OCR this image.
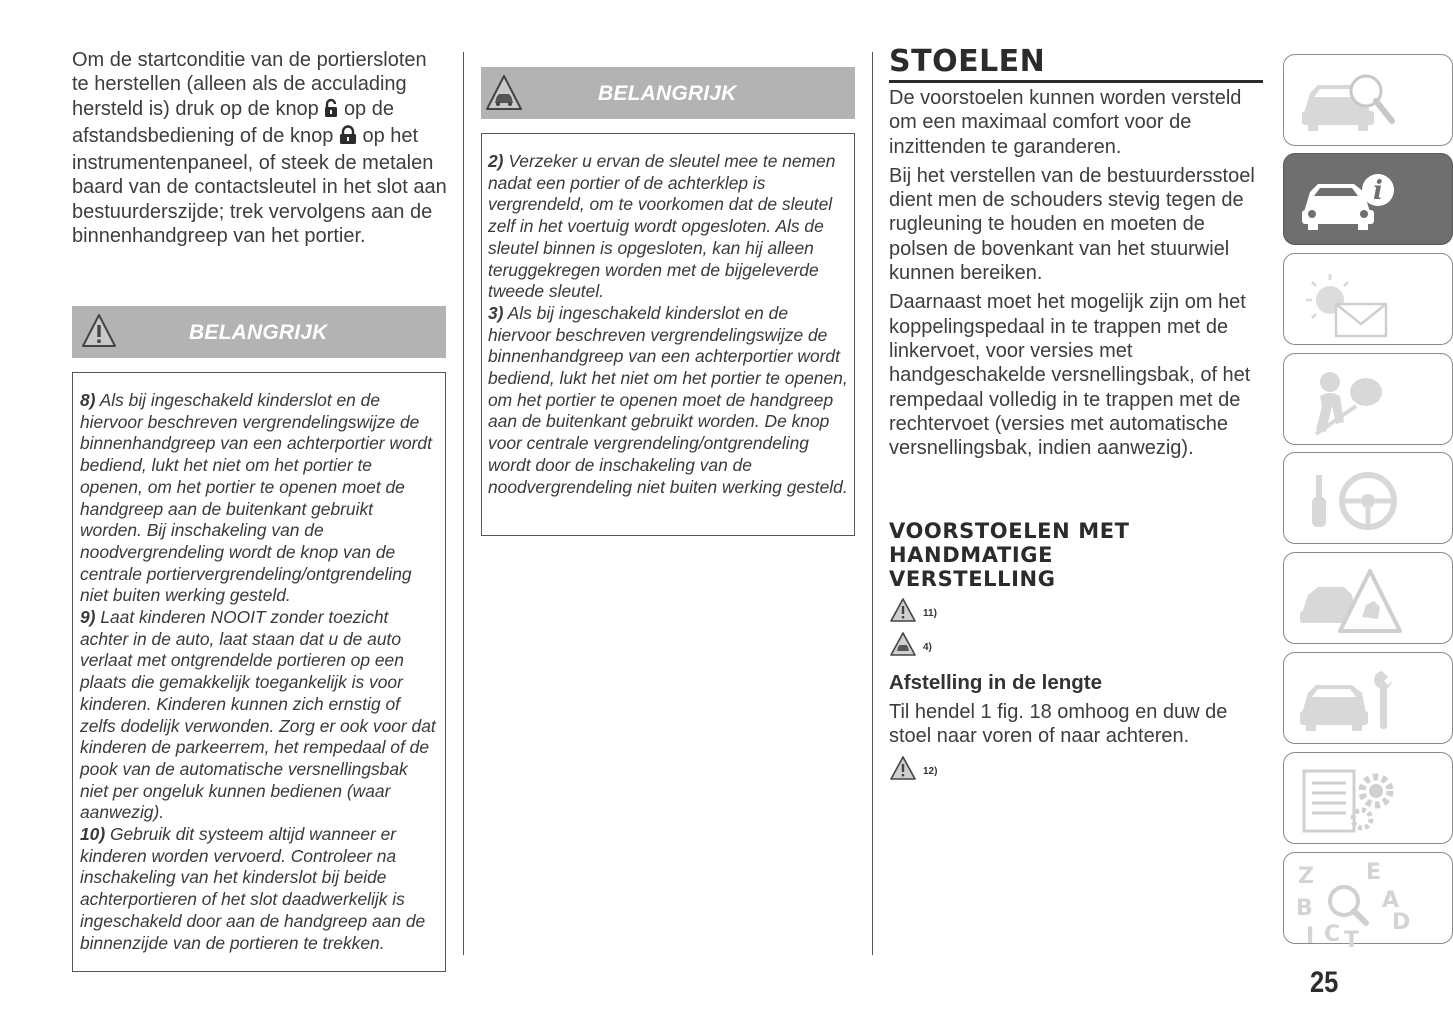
Om de startconditie van de portiersloten te herstellen (alleen als de acculading hersteld is) druk op de knop op de afstandsbediening of de knop op het instrumentenpaneel, of steek de metalen baard van de contactsleutel in het slot aan bestuurderszijde; trek vervolgens aan de binnenhandgreep van het portier.

BELANGRIJK

8) Als bij ingeschakeld kinderslot en de hiervoor beschreven vergrendelingswijze de binnenhandgreep van een achterportier wordt bediend, lukt het niet om het portier te openen, om het portier te openen moet de handgreep aan de buitenkant gebruikt worden. Bij inschakeling van de noodvergrendeling wordt de knop van de centrale portiervergrendeling/ontgrendeling niet buiten werking gesteld.

9) Laat kinderen NOOIT zonder toezicht achter in de auto, laat staan dat u de auto verlaat met ontgrendelde portieren op een plaats die gemakkelijk toegankelijk is voor kinderen. Kinderen kunnen zich ernstig of zelfs dodelijk verwonden. Zorg er ook voor dat kinderen de parkeerrem, het rempedaal of de pook van de automatische versnellingsbak niet per ongeluk kunnen bedienen (waar aanwezig).

10) Gebruik dit systeem altijd wanneer er kinderen worden vervoerd. Controleer na inschakeling van het kinderslot bij beide achterportieren of het slot daadwerkelijk is ingeschakeld door aan de handgreep aan de binnenzijde van de portieren te trekken.

BELANGRIJK

2) Verzeker u ervan de sleutel mee te nemen nadat een portier of de achterklep is vergrendeld, om te voorkomen dat de sleutel zelf in het voertuig wordt opgesloten. Als de sleutel binnen is opgesloten, kan hij alleen teruggekregen worden met de bijgeleverde tweede sleutel.

3) Als bij ingeschakeld kinderslot en de hiervoor beschreven vergrendelingswijze de binnenhandgreep van een achterportier wordt bediend, lukt het niet om het portier te openen, om het portier te openen moet de handgreep aan de buitenkant gebruikt worden. De knop voor centrale vergrendeling/ontgrendeling wordt door de inschakeling van de noodvergrendeling niet buiten werking gesteld.

STOELEN

De voorstoelen kunnen worden versteld om een maximaal comfort voor de inzittenden te garanderen.

Bij het verstellen van de bestuurdersstoel dient men de schouders stevig tegen de rugleuning te houden en moeten de polsen de bovenkant van het stuurwiel kunnen bereiken.

Daarnaast moet het mogelijk zijn om het koppelingspedaal in te trappen met de linkervoet, voor versies met handgeschakelde versnellingsbak, of het rempedaal volledig in te trappen met de rechtervoet (versies met automatische versnellingsbak, indien aanwezig).

VOORSTOELEN MET HANDMATIGE VERSTELLING
11)
4)
Afstelling in de lengte

Til hendel 1 fig. 18 omhoog en duw de stoel naar voren of naar achteren.

12)
i
Z E
A
B
D
I C T
25
